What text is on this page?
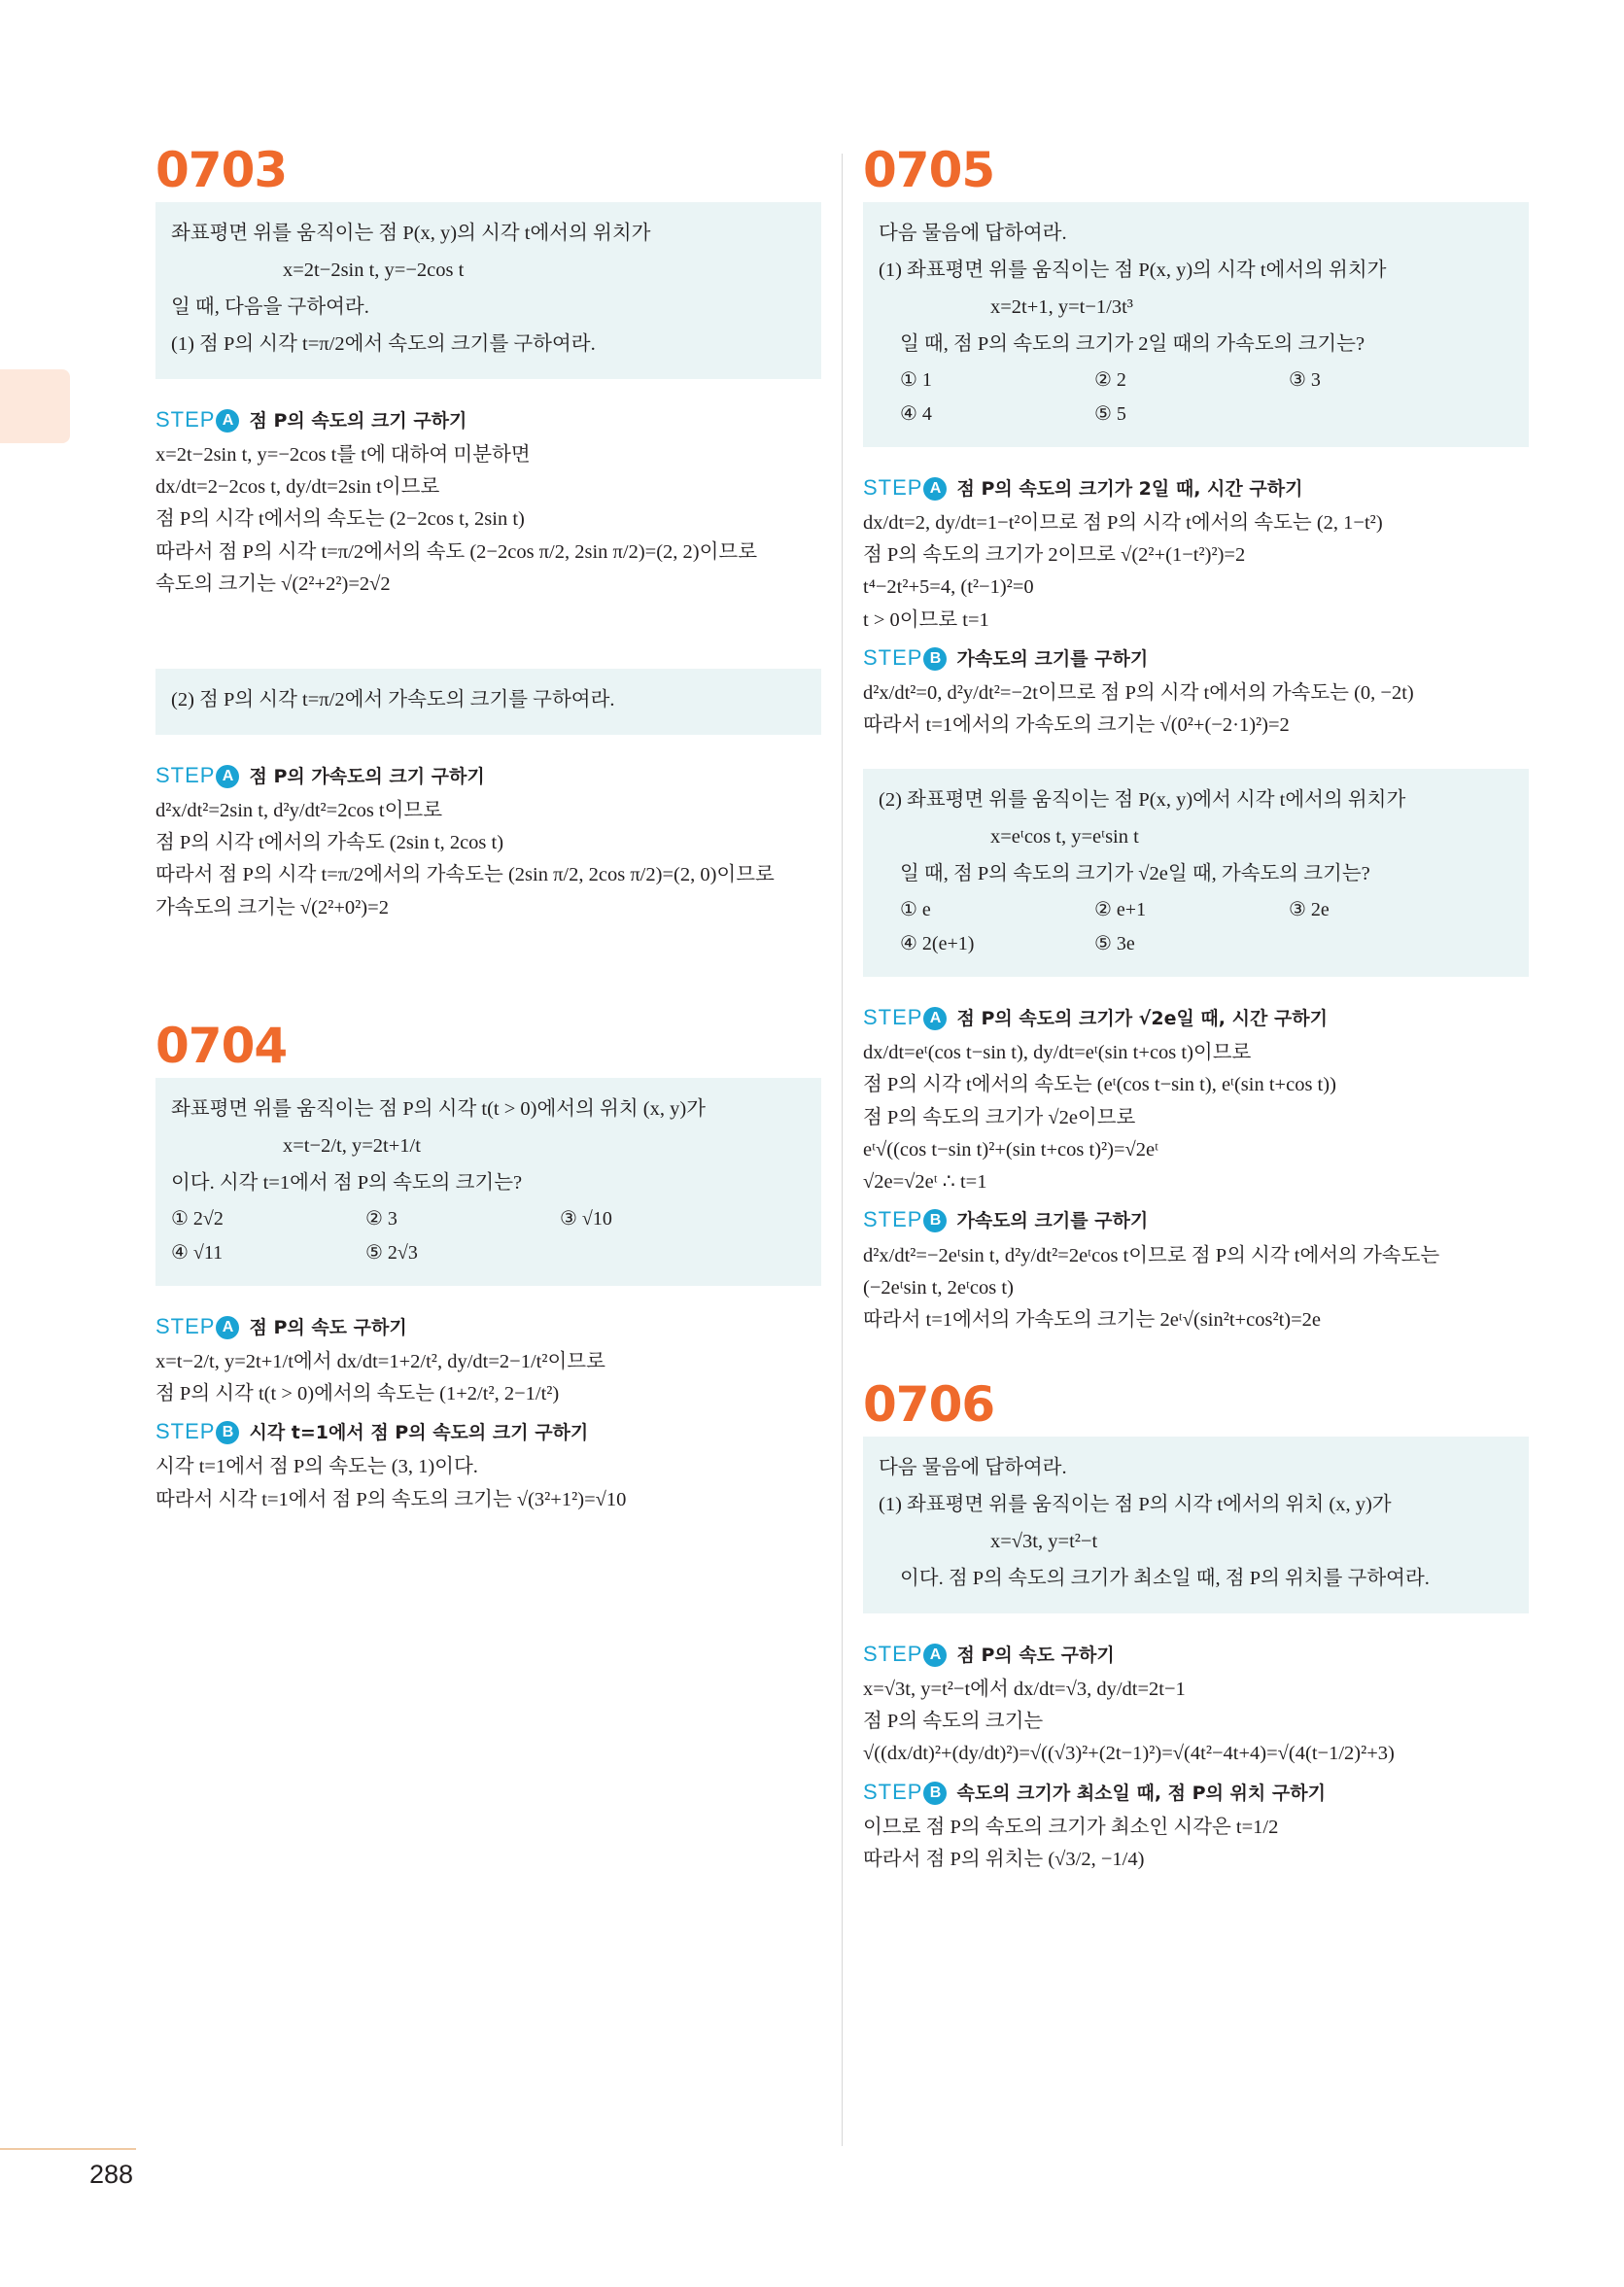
0703
좌표평면 위를 움직이는 점 P(x, y)의 시각 t에서의 위치가
x=2t−2sin t, y=−2cos t
일 때, 다음을 구하여라.
(1) 점 P의 시각 t=π/2에서 속도의 크기를 구하여라.
STEP A 점 P의 속도의 크기 구하기
x=2t−2sin t, y=−2cos t를 t에 대하여 미분하면
dx/dt=2−2cos t, dy/dt=2sin t이므로
점 P의 시각 t에서의 속도는 (2−2cos t, 2sin t)
따라서 점 P의 시각 t=π/2에서의 속도 (2−2cos π/2, 2sin π/2)=(2, 2)이므로
속도의 크기는 √(2²+2²)=2√2
(2) 점 P의 시각 t=π/2에서 가속도의 크기를 구하여라.
STEP A 점 P의 가속도의 크기 구하기
d²x/dt²=2sin t, d²y/dt²=2cos t이므로
점 P의 시각 t에서의 가속도 (2sin t, 2cos t)
따라서 점 P의 시각 t=π/2에서의 가속도는 (2sin π/2, 2cos π/2)=(2, 0)이므로
가속도의 크기는 √(2²+0²)=2
0704
좌표평면 위를 움직이는 점 P의 시각 t(t > 0)에서의 위치 (x, y)가
x=t−2/t, y=2t+1/t
이다. 시각 t=1에서 점 P의 속도의 크기는?
① 2√2	② 3	③ √10
④ √11	⑤ 2√3
STEP A 점 P의 속도 구하기
x=t−2/t, y=2t+1/t에서 dx/dt=1+2/t², dy/dt=2−1/t²이므로
점 P의 시각 t(t > 0)에서의 속도는 (1+2/t², 2−1/t²)
STEP B 시각 t=1에서 점 P의 속도의 크기 구하기
시각 t=1에서 점 P의 속도는 (3, 1)이다.
따라서 시각 t=1에서 점 P의 속도의 크기는 √(3²+1²)=√10
0705
다음 물음에 답하여라.
(1) 좌표평면 위를 움직이는 점 P(x, y)의 시각 t에서의 위치가
x=2t+1, y=t−1/3t³
일 때, 점 P의 속도의 크기가 2일 때의 가속도의 크기는?
① 1	② 2	③ 3
④ 4	⑤ 5
STEP A 점 P의 속도의 크기가 2일 때, 시간 구하기
dx/dt=2, dy/dt=1−t²이므로 점 P의 시각 t에서의 속도는 (2, 1−t²)
점 P의 속도의 크기가 2이므로 √(2²+(1−t²)²)=2
t⁴−2t²+5=4, (t²−1)²=0
t > 0이므로 t=1
STEP B 가속도의 크기를 구하기
d²x/dt²=0, d²y/dt²=−2t이므로 점 P의 시각 t에서의 가속도는 (0, −2t)
따라서 t=1에서의 가속도의 크기는 √(0²+(−2·1)²)=2
(2) 좌표평면 위를 움직이는 점 P(x, y)에서 시각 t에서의 위치가
x=eᵗcos t, y=eᵗsin t
일 때, 점 P의 속도의 크기가 √2e일 때, 가속도의 크기는?
① e	② e+1	③ 2e
④ 2(e+1)	⑤ 3e
STEP A 점 P의 속도의 크기가 √2e일 때, 시간 구하기
dx/dt=eᵗ(cos t−sin t), dy/dt=eᵗ(sin t+cos t)이므로
점 P의 시각 t에서의 속도는 (eᵗ(cos t−sin t), eᵗ(sin t+cos t))
점 P의 속도의 크기가 √2e이므로
eᵗ√((cos t−sin t)²+(sin t+cos t)²)=√2eᵗ
√2e=√2eᵗ ∴ t=1
STEP B 가속도의 크기를 구하기
d²x/dt²=−2eᵗsin t, d²y/dt²=2eᵗcos t이므로 점 P의 시각 t에서의 가속도는
(−2eᵗsin t, 2eᵗcos t)
따라서 t=1에서의 가속도의 크기는 2eᵗ√(sin²t+cos²t)=2e
0706
다음 물음에 답하여라.
(1) 좌표평면 위를 움직이는 점 P의 시각 t에서의 위치 (x, y)가
x=√3t, y=t²−t
이다. 점 P의 속도의 크기가 최소일 때, 점 P의 위치를 구하여라.
STEP A 점 P의 속도 구하기
x=√3t, y=t²−t에서 dx/dt=√3, dy/dt=2t−1
점 P의 속도의 크기는
√((dx/dt)²+(dy/dt)²)=√((√3)²+(2t−1)²)=√(4t²−4t+4)=√(4(t−1/2)²+3)
STEP B 속도의 크기가 최소일 때, 점 P의 위치 구하기
이므로 점 P의 속도의 크기가 최소인 시각은 t=1/2
따라서 점 P의 위치는 (√3/2, −1/4)
288
